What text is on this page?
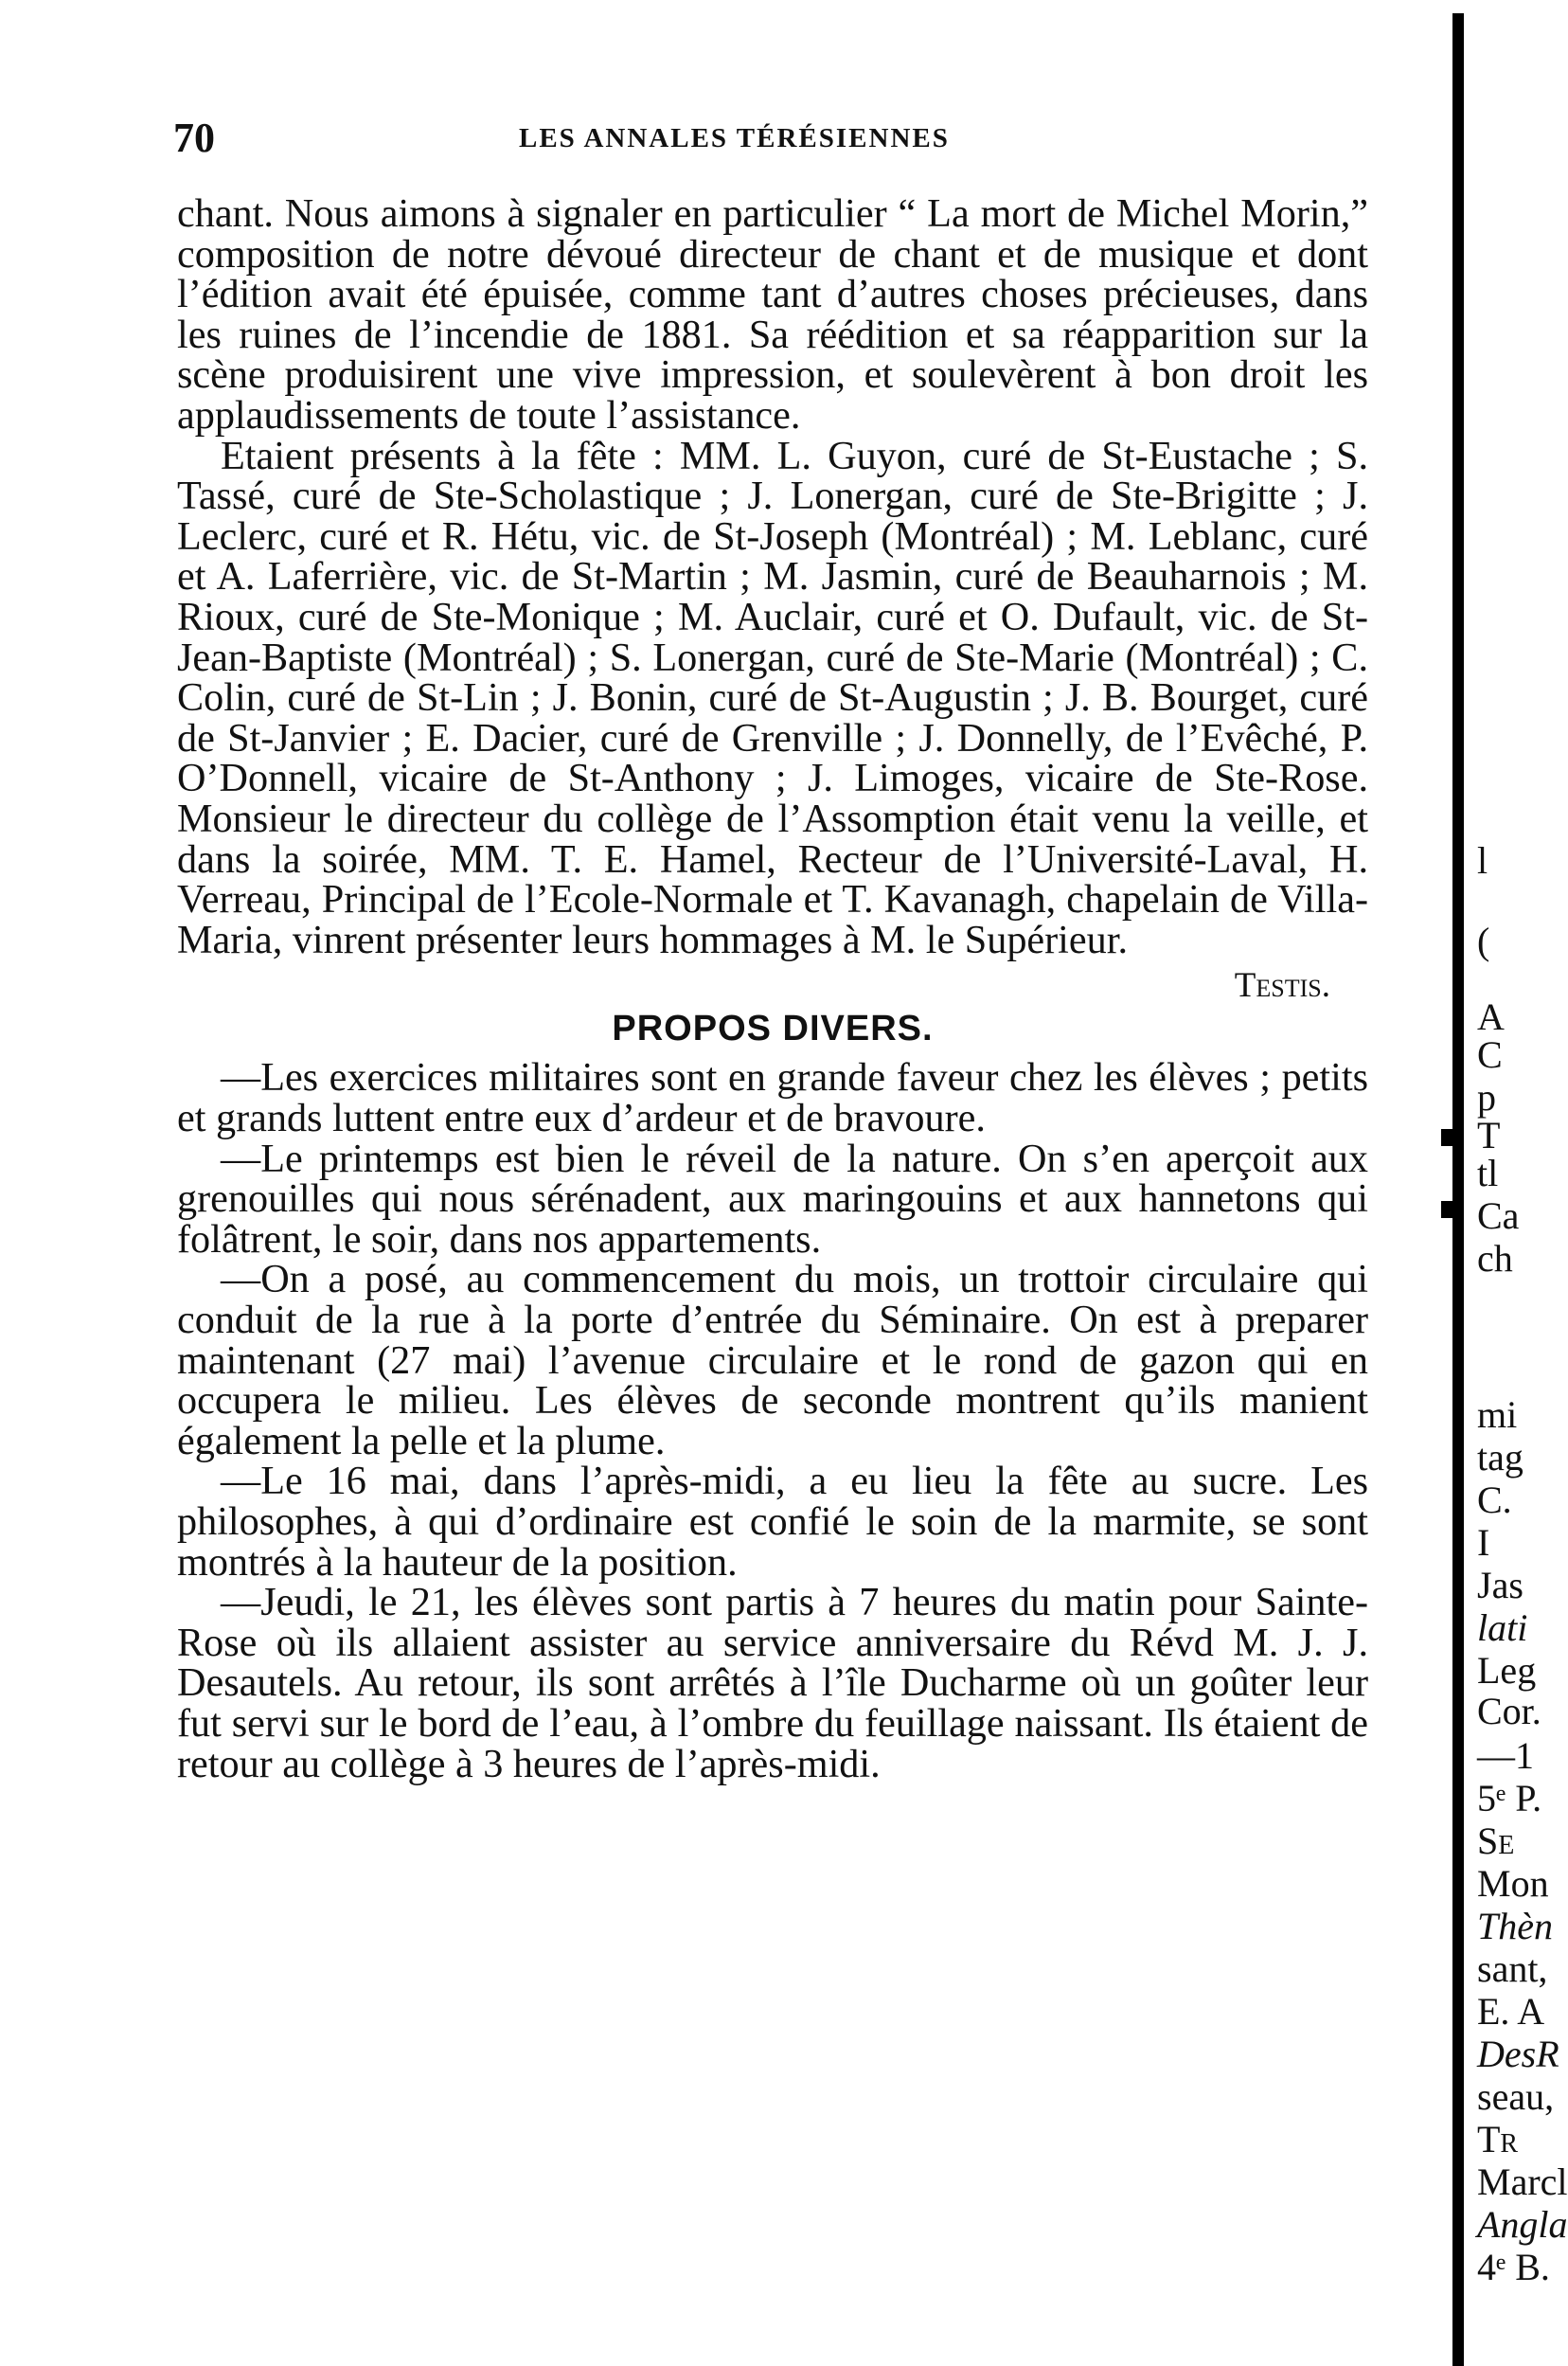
70	LES ANNALES TÉRÉSIENNES

chant. Nous aimons à signaler en particulier “ La mort de Michel Morin,” composition de notre dévoué directeur de chant et de musique et dont l’édition avait été épuisée, comme tant d’autres choses précieuses, dans les ruines de l’incendie de 1881. Sa réédition et sa réapparition sur la scène produisirent une vive impression, et soulevèrent à bon droit les applaudissements de toute l’assistance.

Etaient présents à la fête : MM. L. Guyon, curé de St-Eustache ; S. Tassé, curé de Ste-Scholastique ; J. Lonergan, curé de Ste-Brigitte ; J. Leclerc, curé et R. Hétu, vic. de St-Joseph (Montréal) ; M. Leblanc, curé et A. Laferrière, vic. de St-Martin ; M. Jasmin, curé de Beauharnois ; M. Rioux, curé de Ste-Monique ; M. Auclair, curé et O. Dufault, vic. de St-Jean-Baptiste (Montréal) ; S. Lonergan, curé de Ste-Marie (Montréal) ; C. Colin, curé de St-Lin ; J. Bonin, curé de St-Augustin ; J. B. Bourget, curé de St-Janvier ; E. Dacier, curé de Grenville ; J. Donnelly, de l’Evêché, P. O’Donnell, vicaire de St-Anthony ; J. Limoges, vicaire de Ste-Rose. Monsieur le directeur du collège de l’Assomption était venu la veille, et dans la soirée, MM. T. E. Hamel, Recteur de l’Université-Laval, H. Verreau, Principal de l’Ecole-Normale et T. Kavanagh, chapelain de Villa-Maria, vinrent présenter leurs hommages à M. le Supérieur.

Testis.

PROPOS DIVERS.

—Les exercices militaires sont en grande faveur chez les élèves ; petits et grands luttent entre eux d’ardeur et de bravoure.

—Le printemps est bien le réveil de la nature. On s’en aperçoit aux grenouilles qui nous sérénadent, aux maringouins et aux hannetons qui folâtrent, le soir, dans nos appartements.

—On a posé, au commencement du mois, un trottoir circulaire qui conduit de la rue à la porte d’entrée du Séminaire. On est à preparer maintenant (27 mai) l’avenue circulaire et le rond de gazon qui en occupera le milieu. Les élèves de seconde montrent qu’ils manient également la pelle et la plume.

—Le 16 mai, dans l’après-midi, a eu lieu la fête au sucre. Les philosophes, à qui d’ordinaire est confié le soin de la marmite, se sont montrés à la hauteur de la position.

—Jeudi, le 21, les élèves sont partis à 7 heures du matin pour Sainte-Rose où ils allaient assister au service anniversaire du Révd M. J. J. Desautels. Au retour, ils sont arrêtés à l’île Ducharme où un goûter leur fut servi sur le bord de l’eau, à l’ombre du feuillage naissant. Ils étaient de retour au collège à 3 heures de l’après-midi.

l
(
A
C
p
T
tl
Ca
ch
mi
tag
C.
I
Jas
lati
Leg
Cor.
—1
5ᵉ P.
Se
Mon
Thèn
sant,
E. A
DesR
seau,
Tr
Marcl
Angla
4ᵉ B.
